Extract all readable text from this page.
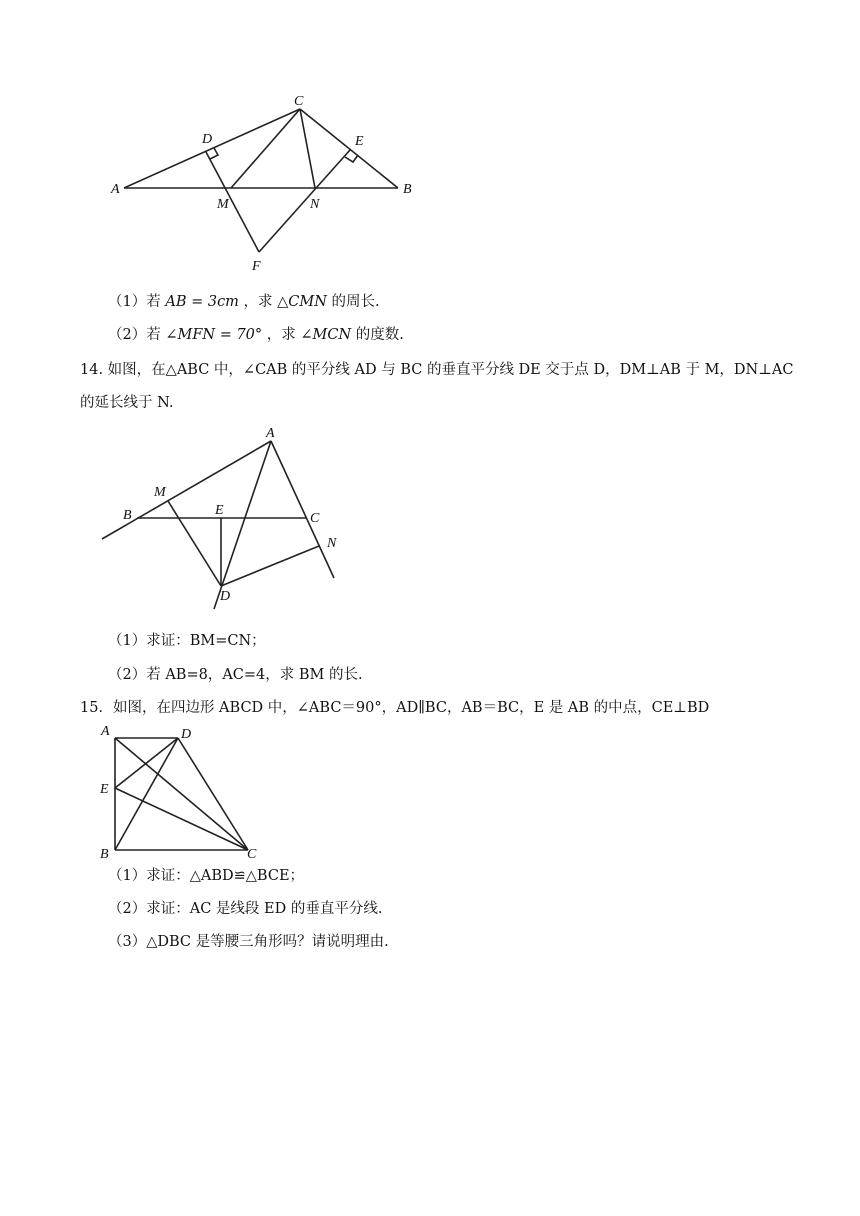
C
D	E
A	B
M	N
F
（1）若 AB = 3cm ，求 △CMN 的周长.
（2）若 ∠MFN = 70° ，求 ∠MCN 的度数.
14. 如图，在△ABC 中，∠CAB 的平分线 AD 与 BC 的垂直平分线 DE 交于点 D，DM⊥AB 于 M，DN⊥AC
的延长线于 N.
A
M
E
B	C
N
D
（1）求证：BM=CN；
（2）若 AB=8，AC=4，求 BM 的长.
15．如图，在四边形 ABCD 中，∠ABC＝90°，AD∥BC，AB＝BC，E 是 AB 的中点，CE⊥BD
A	D
E
B	C
（1）求证：△ABD≌△BCE；
（2）求证：AC 是线段 ED 的垂直平分线.
（3）△DBC 是等腰三角形吗？请说明理由.
